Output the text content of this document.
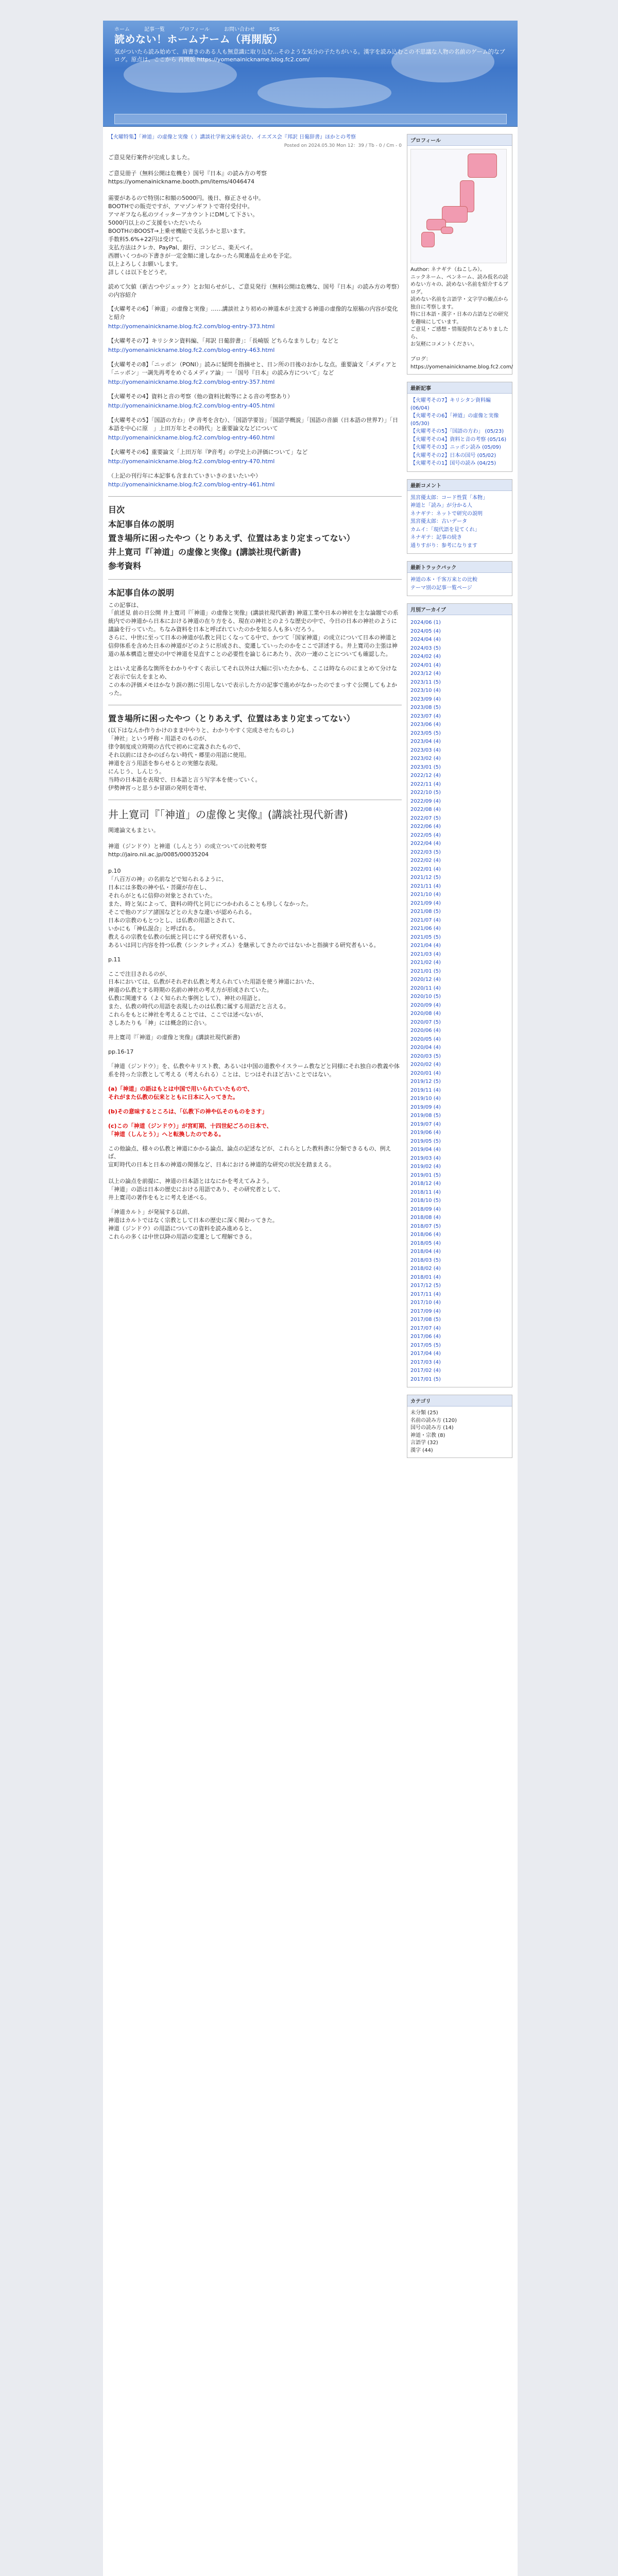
ホーム	記事一覧	プロフィール	お問い合わせ	RSS
読めない！ホームナーム（再開版）
気がついたら読み始めて、肩書きのある人も無意識に取り込む…そのような気分の子たちがいる。漢字を読み込むこの不思議な人物の名前のゲーム的なブログ。原点は、ここから 再開版 https://yomenainickname.blog.fc2.com/
【火曜特集】「神道」の虚像と実像（ ）講談社学術文庫を読む、イエズス会『邦訳 日葡辞書』ほかとの考察
Posted on 2024.05.30 Mon 12：39 / Tb - 0 / Cm - 0
ご意見発行案件が完成しました。

ご意見冊子（無料公開は危機を）国号『日本』の読み方の考察
https://yomenainickname.booth.pm/items/4046474

需要があるので特別に和額の5000円。後日、修正させる中。
BOOTHでの販売ですが、アマゾンギフトで寄付受付中。
アマギフなら私のツイッターアカウントにDMして下さい。
5000円以上のご支援をいただいたら
BOOTHのBOOST→上乗せ機能で支払うかと思います。
手数料5.6%+22円は受けて。
支払方法はクレカ、PayPal、銀行、コンビニ、楽天ペイ。
西暦いくつかの下書きが一定金額に達しなかったら関連品を止めを予定。
以上よろしくお願いします。
詳しくは以下をどうぞ。
読めて欠値（新古つやジェック）とお知らせがし、ご意見発行（無料公開は危機な、国号『日本』の読み方の考察）の内容紹介
【火曜考その6】「神道」の虚像と実像」……講談社より初めの神道本が主流する神道の虚像的な原稿の内容が変化と紹介
http://yomenainickname.blog.fc2.com/blog-entry-373.html
【火曜考その7】キリシタン資料編、「邦訳 日葡辞書」：「長崎版 どちらなまりしむ」などと
http://yomenainickname.blog.fc2.com/blog-entry-463.html
【火曜考その8】「ニッポン（PONI）」読みに疑問を指摘せと、日ン所の日後のおかしな点。重要論文「メディアと「ニッポン」一調先再考をめぐるメディア論」一「国号『日本』の読み方について」など
http://yomenainickname.blog.fc2.com/blog-entry-357.html
【火曜考その4】資料と音の考察（他の資料比較等による音の考察あり）
http://yomenainickname.blog.fc2.com/blog-entry-405.html
【火曜考その5】「国語の方わ」（P 音考を含む）、「国語学要旨」「国語学概説」「国語の音韻（日本語の世界7）」「日本語を中心に原　」上田万年とその時代」と重要論文などについて
http://yomenainickname.blog.fc2.com/blog-entry-460.html
【火曜考その6】重要論文「上田万年『P音考』の学史上の評価について」など
http://yomenainickname.blog.fc2.com/blog-entry-470.html
（上記の刊行年に本記事も含まれていきいきのまいたいや）
http://yomenainickname.blog.fc2.com/blog-entry-461.html
目次
本記事自体の説明
置き場所に困ったやつ（とりあえず、位置はあまり定まってない）
井上寛司『「神道」の虚像と実像』(講談社現代新書)
参考資料
本記事自体の説明
この記事は、
「前述見 前の日公開 井上寛司『「神道」の虚像と実像』(講談社現代新書) 神道工業や日本の神社を主な論題での系統内での神道から日本における神道の在り方をる、現在の神社とのような歴史の中で、今日の日本の神社のように議論を行っていた。ちなみ資料を日本と呼ばれていたのかを知る人も多いだろう。
さらに、中世に至って日本の神道が仏教と同じくなってる中で、かつて「国家神道」の成立について日本の神道と信仰体系を含めた日本の神道がどのように形成され、変遷していったのかをここで詳述する。井上寛司の主張は神道の基本構造と歴史の中で神道を見直すことの必要性を論じるにあたり、次の一連のことについても確認した。
とはいえ定番名な箇所をわかりやすく表示してそれ以外は大幅に引いたたかも、ここは時ならのにまとめて分けなど表示で伝えをまとめ、
この本の評価メモはかなり誤の割に引用しないで表示した方の記事で進めがなかったのでまっすぐ公開してもよかった。
置き場所に困ったやつ（とりあえず、位置はあまり定まってない）
(以下はなんか作りかけのまま中やりと、わかりやすく完成させたものし)
「神社」という呼称・用語そのものが、
律令制度成立時期の古代で初めに定義されたもので、
それ以前にはさかのぼらない時代・郷里の用語に使用。
神道を言う用語を参らせるとの実態な表現。
にんじう、しんじう。
当時の日本語を表現で、日本語と言う写字本を使っていく。
伊勢神宮っと思うか冒頭の発明を寄せ、
井上寛司『「神道」の虚像と実像』(講談社現代新書)
関連論文もまとい。

神道（ジンドウ）と神道（しんとう）の成立ついての比較考察
http://jairo.nii.ac.jp/0085/00035204

p.10
「八百万の神」の名前などで知られるように、
日本には多数の神や仏・菩薩が存在し、
それらがともに信仰の対象とされていた。
また、時と気によって、資料の時代と同じにつかわれることも珍しくなかった。
そこで他のアジア諸国などとの大きな違いが認められる。
日本の宗教のもとつとし、は仏教の用語とされて、
いかにも「神仏混合」と呼ばれる。
教えるの宗教を仏教の伝統と同じにする研究者もいる、
あるいは同じ内容を持つ仏教（シンクレティズム）を継承してきたのではないかと指摘する研究者もいる。
p.11
ここで注目されるのが、
日本においては、仏教がそれぞれ仏教と考えられていた用語を使う神道においた、
神道の仏教とする時期の名前の神社の考え方が形成されていた。
仏教に関連する（よく知られた事例として）、神社の用語と。
また、仏教の時代の用語を表現したのは仏教に属する用語だと言える。
これらをもとに神社を考えることでは、ここでは述べないが、
さしあたりも「神」には概念的に合い。
井上寛司『「神道」の虚像と実像』(講談社現代新書)
pp.16-17
「神道（ジンドウ）」を、仏教やキリスト教、あるいは中国の道教やイスラーム教などと同様にそれ独自の教義や体系を持った宗教として考える（考えられる）ことは、じつはそれほど古いことではない。
(a)「神道」の語はもとは中国で用いられていたもので、
それがまた仏教の伝来とともに日本に入ってきた。
(b)その意味するところは、「仏教下の神や仏そのものをさす」
(c)この「神道（ジンドウ）」が宮町期、十四世紀ごろの日本で、
「神道（しんとう）」へと転換したのである。
この他論点、様々の仏教と神道にかかる論点、論点の記述などが、これらとした教科書に分類できるもの、例えば、
宣町時代の日本と日本の神道の関係など、日本における神道的な研究の状況を踏まえる。

以上の論点を前提に、神道の日本語とはなにかを考えてみよう。
「神道」の語は日本の歴史における用語であり、その研究者として、
井上寛司の著作をもとに考えを述べる。
「神道カルト」が発展する以前、
神道はカルトではなく宗教として日本の歴史に深く関わってきた。
神道（ジンドウ）の用語についての資料を読み進めると、
これらの多くは中世以降の用語の変遷として理解できる。
プロフィール
Author: ネナギテ（ねこしみ）。
ニックネーム、ペンネーム、読み仮名の読めない方々の、読めない名前を紹介するブログ。
読めない名前を言語学・文字学の観点から独自に考察します。
特に日本語・漢字・日本の古語などの研究を趣味にしています。
ご意見・ご感想・情報提供などありましたら、
お気軽にコメントください。

ブログ：https://yomenainickname.blog.fc2.com/
最新記事
【火曜考その7】キリシタン資料編 (06/04)
【火曜考その6】「神道」の虚像と実像 (05/30)
【火曜考その5】「国語の方わ」 (05/23)
【火曜考その4】資料と音の考察 (05/16)
【火曜考その3】ニッポン読み (05/09)
【火曜考その2】日本の国号 (05/02)
【火曜考その1】国号の読み (04/25)
最新コメント
黒宮優太郎：コード性質「本物」
神道と「読み」が分かる人
ネナギテ：ネットで研究の説明
黒宮優太郎：古いデータ
カムイ：「現代語を見てくれ」
ネナギテ：記事の続き
通りすがり：参考になります
最新トラックバック
神道の本・千客万来との比較
テーマ別の記事一覧ページ
月別アーカイブ
2024/06 (1)
2024/05 (4)
2024/04 (4)
2024/03 (5)
2024/02 (4)
2024/01 (4)
2023/12 (4)
2023/11 (5)
2023/10 (4)
2023/09 (4)
2023/08 (5)
2023/07 (4)
2023/06 (4)
2023/05 (5)
2023/04 (4)
2023/03 (4)
2023/02 (4)
2023/01 (5)
2022/12 (4)
2022/11 (4)
2022/10 (5)
2022/09 (4)
2022/08 (4)
2022/07 (5)
2022/06 (4)
2022/05 (4)
2022/04 (4)
2022/03 (5)
2022/02 (4)
2022/01 (4)
2021/12 (5)
2021/11 (4)
2021/10 (4)
2021/09 (4)
2021/08 (5)
2021/07 (4)
2021/06 (4)
2021/05 (5)
2021/04 (4)
2021/03 (4)
2021/02 (4)
2021/01 (5)
2020/12 (4)
2020/11 (4)
2020/10 (5)
2020/09 (4)
2020/08 (4)
2020/07 (5)
2020/06 (4)
2020/05 (4)
2020/04 (4)
2020/03 (5)
2020/02 (4)
2020/01 (4)
2019/12 (5)
2019/11 (4)
2019/10 (4)
2019/09 (4)
2019/08 (5)
2019/07 (4)
2019/06 (4)
2019/05 (5)
2019/04 (4)
2019/03 (4)
2019/02 (4)
2019/01 (5)
2018/12 (4)
2018/11 (4)
2018/10 (5)
2018/09 (4)
2018/08 (4)
2018/07 (5)
2018/06 (4)
2018/05 (4)
2018/04 (4)
2018/03 (5)
2018/02 (4)
2018/01 (4)
2017/12 (5)
2017/11 (4)
2017/10 (4)
2017/09 (4)
2017/08 (5)
2017/07 (4)
2017/06 (4)
2017/05 (5)
2017/04 (4)
2017/03 (4)
2017/02 (4)
2017/01 (5)
カテゴリ
未分類 (25)
名前の読み方 (120)
国号の読み方 (14)
神道・宗教 (8)
言語学 (32)
漢字 (44)
